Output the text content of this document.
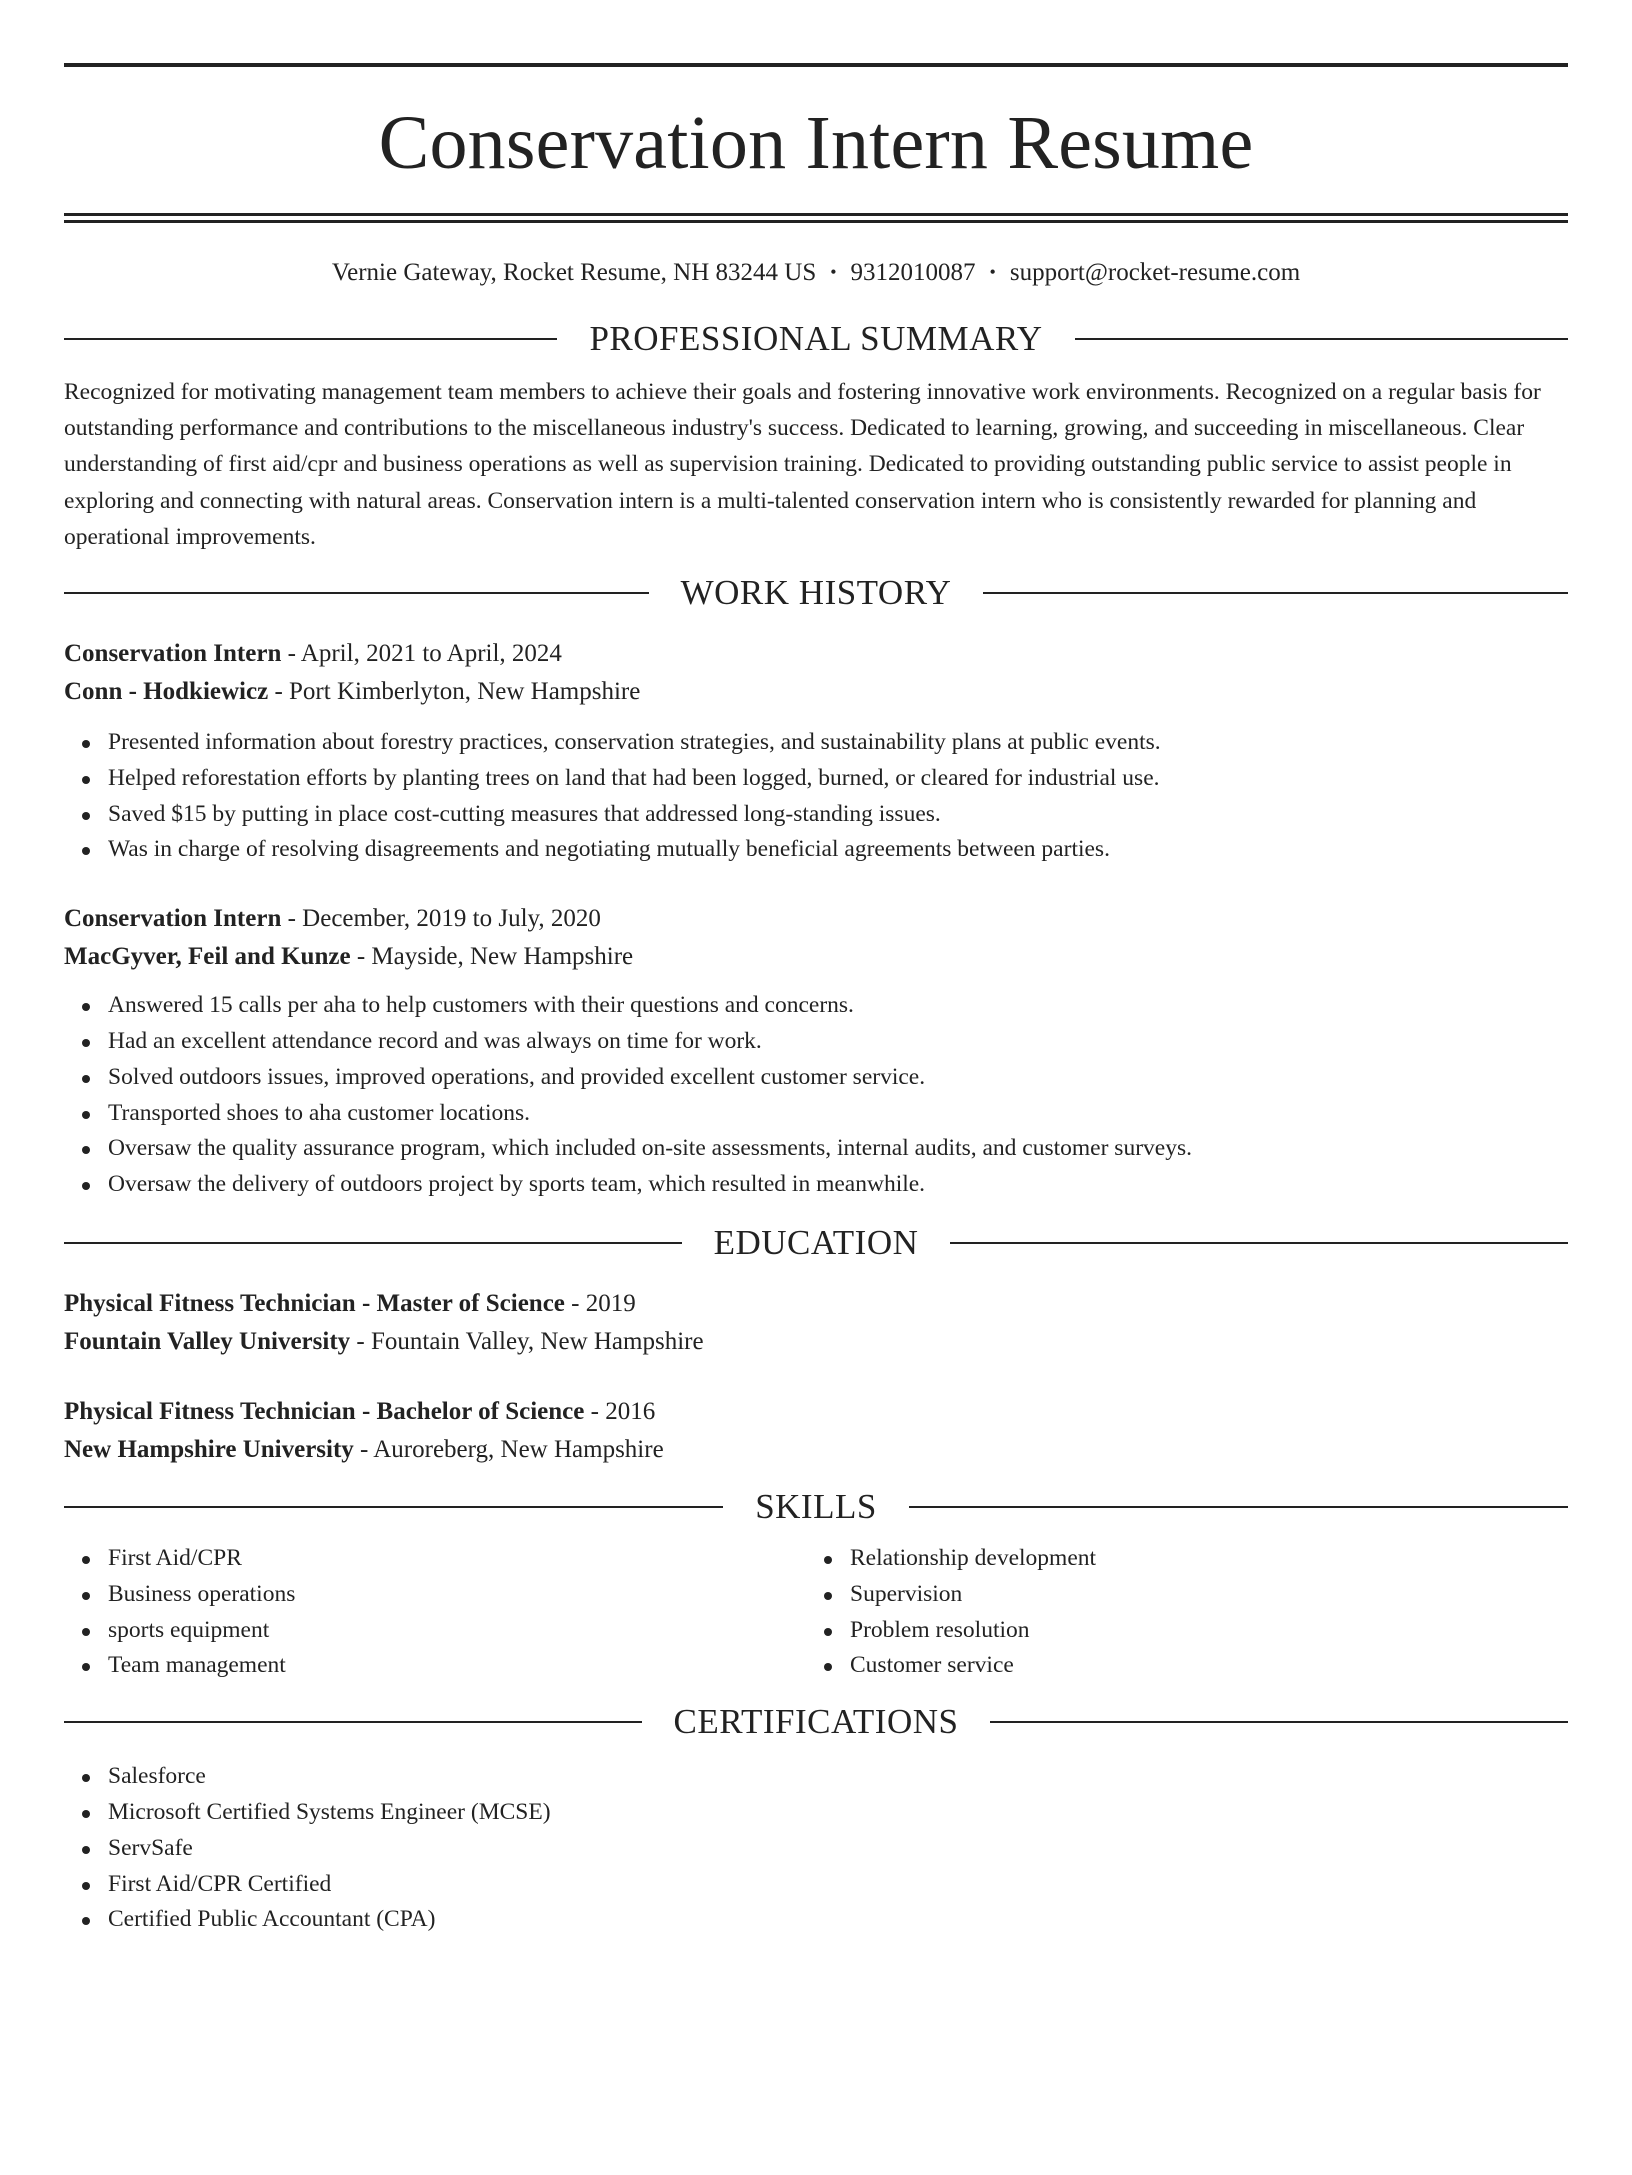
Conservation Intern Resume
Vernie Gateway, Rocket Resume, NH 83244 US • 9312010087 • support@rocket-resume.com
PROFESSIONAL SUMMARY

Recognized for motivating management team members to achieve their goals and fostering innovative work environments. Recognized on a regular basis for outstanding performance and contributions to the miscellaneous industry's success. Dedicated to learning, growing, and succeeding in miscellaneous. Clear understanding of first aid/cpr and business operations as well as supervision training. Dedicated to providing outstanding public service to assist people in exploring and connecting with natural areas. Conservation intern is a multi-talented conservation intern who is consistently rewarded for planning and operational improvements.

WORK HISTORY
Conservation Intern - April, 2021 to April, 2024
Conn - Hodkiewicz - Port Kimberlyton, New Hampshire
Presented information about forestry practices, conservation strategies, and sustainability plans at public events.
Helped reforestation efforts by planting trees on land that had been logged, burned, or cleared for industrial use.
Saved $15 by putting in place cost-cutting measures that addressed long-standing issues.
Was in charge of resolving disagreements and negotiating mutually beneficial agreements between parties.
Conservation Intern - December, 2019 to July, 2020
MacGyver, Feil and Kunze - Mayside, New Hampshire
Answered 15 calls per aha to help customers with their questions and concerns.
Had an excellent attendance record and was always on time for work.
Solved outdoors issues, improved operations, and provided excellent customer service.
Transported shoes to aha customer locations.
Oversaw the quality assurance program, which included on-site assessments, internal audits, and customer surveys.
Oversaw the delivery of outdoors project by sports team, which resulted in meanwhile.
EDUCATION
Physical Fitness Technician - Master of Science - 2019
Fountain Valley University - Fountain Valley, New Hampshire
Physical Fitness Technician - Bachelor of Science - 2016
New Hampshire University - Auroreberg, New Hampshire
SKILLS
First Aid/CPR
Business operations
sports equipment
Team management
Relationship development
Supervision
Problem resolution
Customer service
CERTIFICATIONS
Salesforce
Microsoft Certified Systems Engineer (MCSE)
ServSafe
First Aid/CPR Certified
Certified Public Accountant (CPA)
